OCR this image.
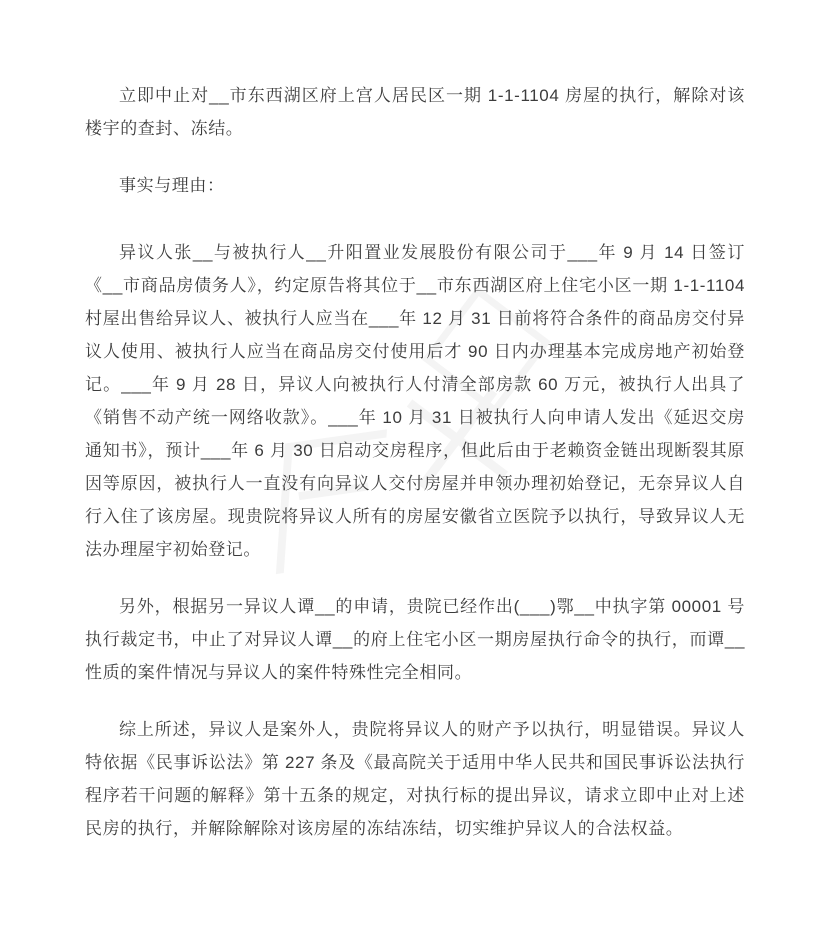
立即中止对__市东西湖区府上宫人居民区一期 1-1-1104 房屋的执行，解除对该楼宇的查封、冻结。

事实与理由：

异议人张__与被执行人__升阳置业发展股份有限公司于___年 9 月 14 日签订《__市商品房债务人》，约定原告将其位于__市东西湖区府上住宅小区一期 1-1-1104 村屋出售给异议人、被执行人应当在___年 12 月 31 日前将符合条件的商品房交付异议人使用、被执行人应当在商品房交付使用后才 90 日内办理基本完成房地产初始登记。___年 9 月 28 日，异议人向被执行人付清全部房款 60 万元，被执行人出具了《销售不动产统一网络收款》。___年 10 月 31 日被执行人向申请人发出《延迟交房通知书》，预计___年 6 月 30 日启动交房程序，但此后由于老赖资金链出现断裂其原因等原因，被执行人一直没有向异议人交付房屋并申领办理初始登记，无奈异议人自行入住了该房屋。现贵院将异议人所有的房屋安徽省立医院予以执行，导致异议人无法办理屋宇初始登记。

另外，根据另一异议人谭__的申请，贵院已经作出(___)鄂__中执字第 00001 号执行裁定书，中止了对异议人谭__的府上住宅小区一期房屋执行命令的执行，而谭__性质的案件情况与异议人的案件特殊性完全相同。

综上所述，异议人是案外人，贵院将异议人的财产予以执行，明显错误。异议人特依据《民事诉讼法》第 227 条及《最高院关于适用中华人民共和国民事诉讼法执行程序若干问题的解释》第十五条的规定，对执行标的提出异议，请求立即中止对上述民房的执行，并解除解除对该房屋的冻结冻结，切实维护异议人的合法权益。
